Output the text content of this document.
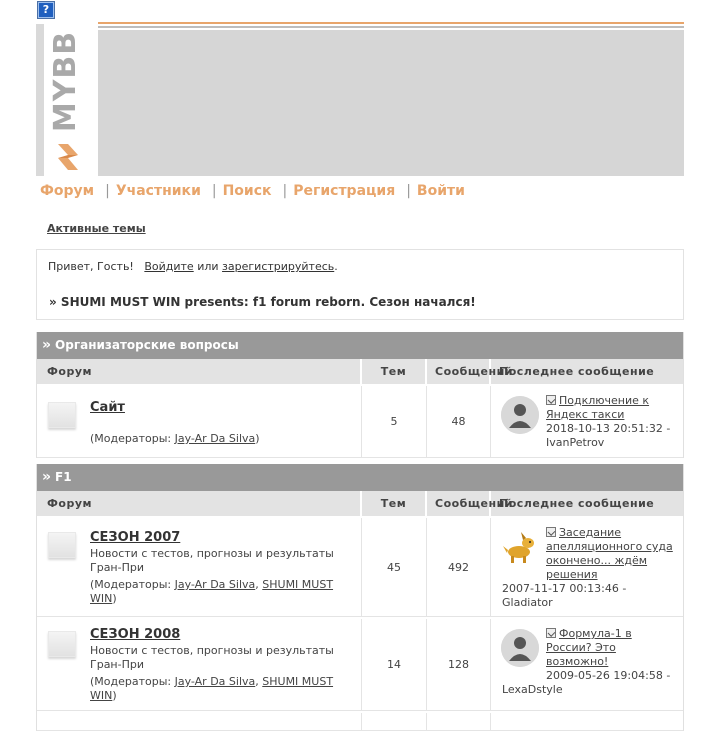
?
MYBB
Форум | Участники | Поиск | Регистрация | Войти
Активные темы
Привет, Гость! Войдите или зарегистрируйтесь.
» SHUMI MUST WIN presents: f1 forum reborn. Сезон начался!
» Организаторские вопросы
Форум	Тем	Сообщений
Последнее сообщение
Сайт
(Модераторы: Jay-Ar Da Silva)
5	48
Подключение к Яндекс такси
2018-10-13 20:51:32 -
IvanPetrov
» F1
Форум	Тем	Сообщений
Последнее сообщение
СЕЗОН 2007
Новости с тестов, прогнозы и результаты Гран-При
(Модераторы: Jay-Ar Da Silva, SHUMI MUST WIN)
45	492
Заседание апелляционного суда окончено... ждём решения
2007-11-17 00:13:46 -
Gladiator
СЕЗОН 2008
Новости с тестов, прогнозы и результаты Гран-При
(Модераторы: Jay-Ar Da Silva, SHUMI MUST WIN)
14	128
Формула-1 в России? Это возможно!
2009-05-26 19:04:58 -
LexaDstyle
